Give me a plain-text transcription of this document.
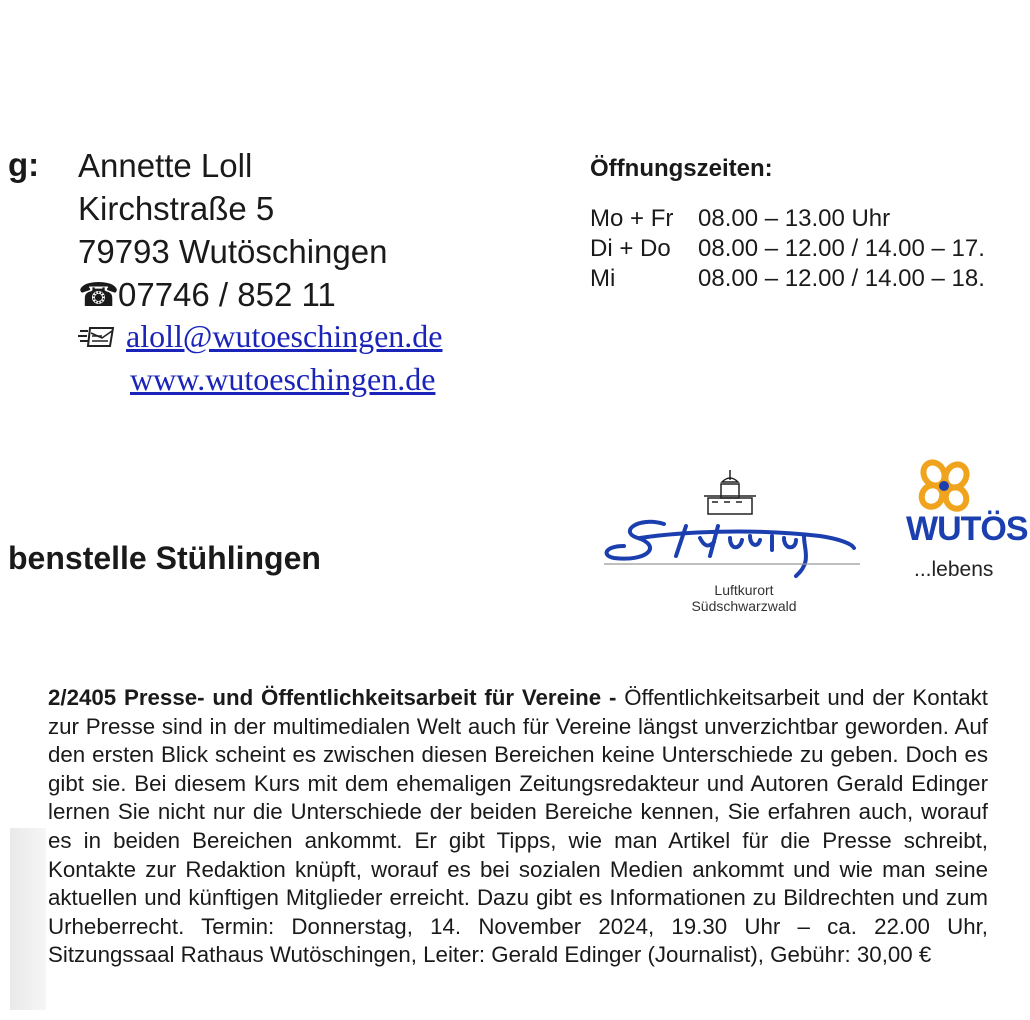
g: Annette Loll
Kirchstraße 5
79793 Wutöschingen
☎07746 / 852 11
aloll@wutoeschingen.de
www.wutoeschingen.de
Öffnungszeiten:
Mo + Fr	08.00 – 13.00 Uhr
Di + Do	08.00 – 12.00 / 14.00 – 17.
Mi	08.00 – 12.00 / 14.00 – 18.
benstelle Stühlingen
Luftkurort
Südschwarzwald
WUTÖS
...lebens
2/2405 Presse- und Öffentlichkeitsarbeit für Vereine - Öffentlichkeitsarbeit und der Kontakt zur Presse sind in der multimedialen Welt auch für Vereine längst unverzichtbar geworden. Auf den ersten Blick scheint es zwischen diesen Bereichen keine Unterschiede zu geben. Doch es gibt sie. Bei diesem Kurs mit dem ehemaligen Zeitungsredakteur und Autoren Gerald Edinger lernen Sie nicht nur die Unterschiede der beiden Bereiche kennen, Sie erfahren auch, worauf es in beiden Bereichen ankommt. Er gibt Tipps, wie man Artikel für die Presse schreibt, Kontakte zur Redaktion knüpft, worauf es bei sozialen Medien ankommt und wie man seine aktuellen und künftigen Mitglieder erreicht. Dazu gibt es Informationen zu Bildrechten und zum Urheberrecht. Termin: Donnerstag, 14. November 2024, 19.30 Uhr – ca. 22.00 Uhr, Sitzungssaal Rathaus Wutöschingen, Leiter: Gerald Edinger (Journalist), Gebühr: 30,00 €
